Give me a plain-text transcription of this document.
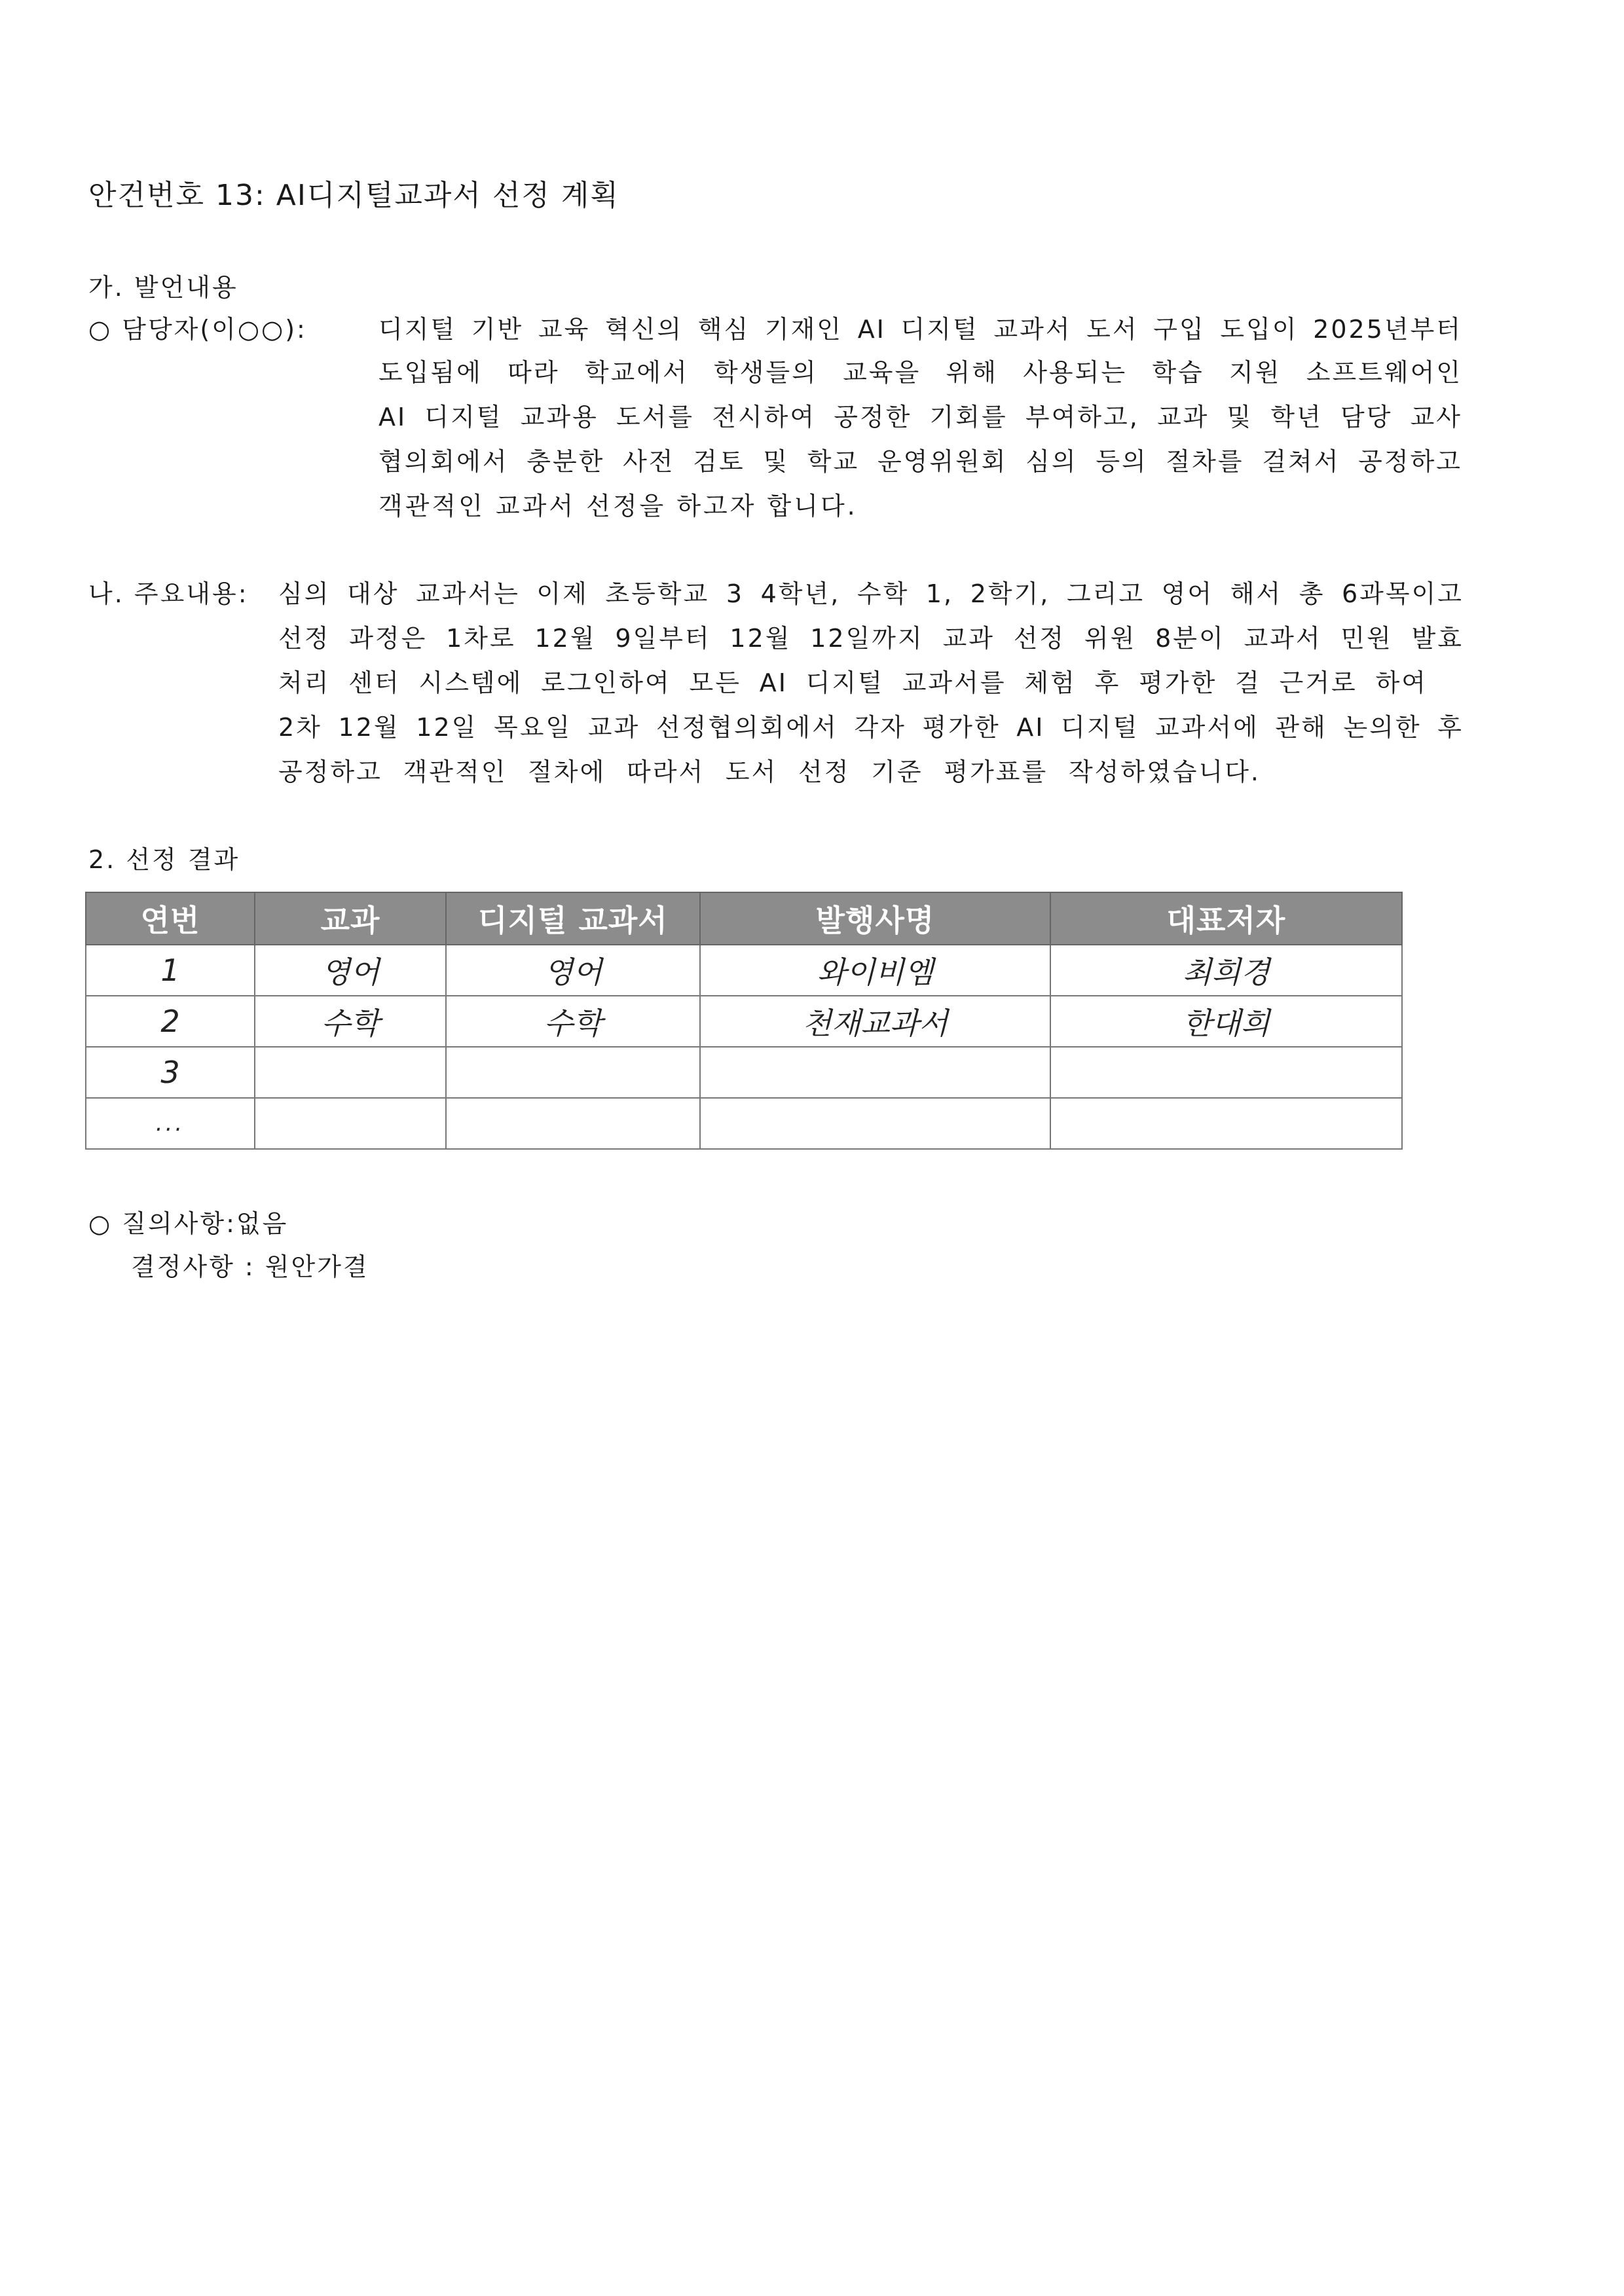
안건번호 13: AI디지털교과서 선정 계획
가. 발언내용
○ 담당자(이○○):	디지털 기반 교육 혁신의 핵심 기재인 AI 디지털 교과서 도서 구입 도입이 2025년부터
도입됨에 따라 학교에서 학생들의 교육을 위해 사용되는 학습 지원 소프트웨어인
AI 디지털 교과용 도서를 전시하여 공정한 기회를 부여하고, 교과 및 학년 담당 교사
협의회에서 충분한 사전 검토 및 학교 운영위원회 심의 등의 절차를 걸쳐서 공정하고
객관적인 교과서 선정을 하고자 합니다.
나. 주요내용: 심의 대상 교과서는 이제 초등학교 3 4학년, 수학 1, 2학기, 그리고 영어 해서 총 6과목이고
선정 과정은 1차로 12월 9일부터 12월 12일까지 교과 선정 위원 8분이 교과서 민원 발효
처리 센터 시스템에 로그인하여 모든 AI 디지털 교과서를 체험 후 평가한 걸 근거로 하여
2차 12월 12일 목요일 교과 선정협의회에서 각자 평가한 AI 디지털 교과서에 관해 논의한 후
공정하고 객관적인 절차에 따라서 도서 선정 기준 평가표를 작성하였습니다.
2. 선정 결과
연번	교과	디지털 교과서	발행사명	대표저자
1	영어	영어	와이비엠	최희경
2	수학	수학	천재교과서	한대희
3				
...				
○ 질의사항:없음
결정사항 : 원안가결
